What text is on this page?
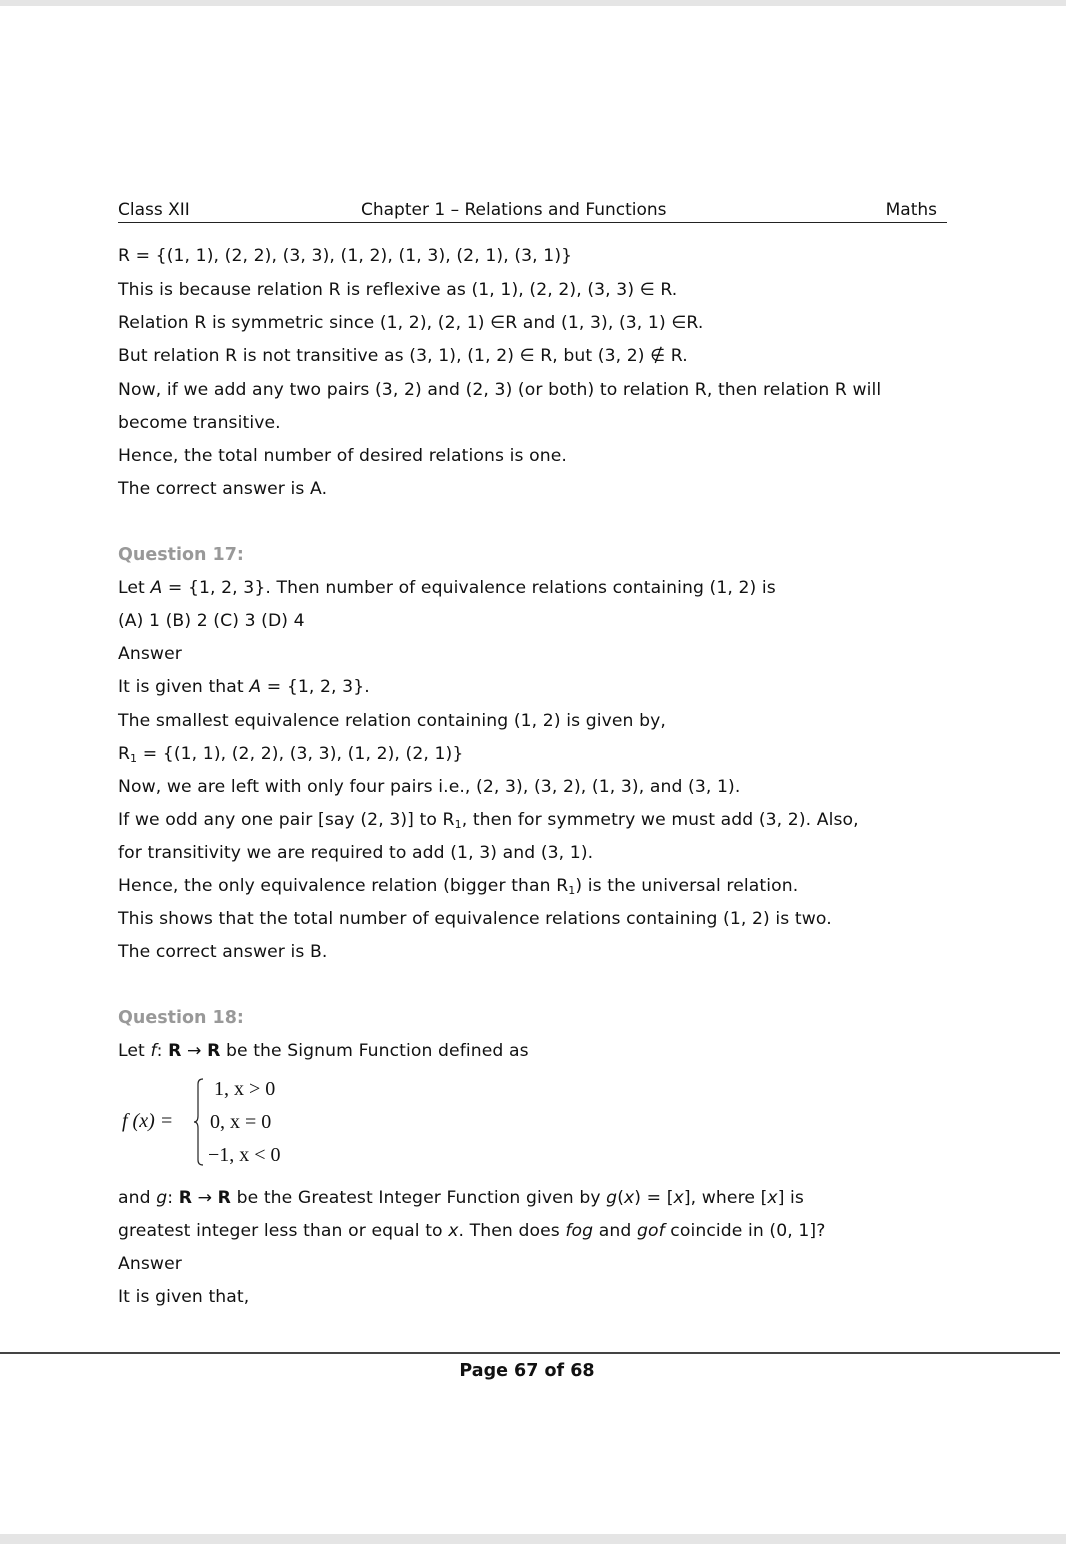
Class XII	Chapter 1 – Relations and Functions	Maths
R = {(1, 1), (2, 2), (3, 3), (1, 2), (1, 3), (2, 1), (3, 1)}
This is because relation R is reflexive as (1, 1), (2, 2), (3, 3) ∈ R.
Relation R is symmetric since (1, 2), (2, 1) ∈R and (1, 3), (3, 1) ∈R.
But relation R is not transitive as (3, 1), (1, 2) ∈ R, but (3, 2) ∉ R.
Now, if we add any two pairs (3, 2) and (2, 3) (or both) to relation R, then relation R will
become transitive.
Hence, the total number of desired relations is one.
The correct answer is A.
Question 17:
Let A = {1, 2, 3}. Then number of equivalence relations containing (1, 2) is
(A) 1 (B) 2 (C) 3 (D) 4
Answer
It is given that A = {1, 2, 3}.
The smallest equivalence relation containing (1, 2) is given by,
$R_1 = \{(1$, 1), (2, 2), (3, 3), (1, 2), (2, 1)}
Now, we are left with only four pairs i.e., (2, 3), (3, 2), (1, 3), and (3, 1).
If we odd any one pair [say (2, 3)] to $R_1$, then for symmetry we must add (3, 2). Also,
for transitivity we are required to add (1, 3) and (3, 1).
Hence, the only equivalence relation (bigger than $R_1$) is the universal relation.
This shows that the total number of equivalence relations containing (1, 2) is two.
The correct answer is B.
Question 18:
Let f: R → R be the Signum Function defined as
f (x) =
1, x > 0
0, x = 0
−1, x < 0
and g: R → R be the Greatest Integer Function given by g(x) = [x], where [x] is
greatest integer less than or equal to x. Then does fog and gof coincide in (0, 1]?
Answer
It is given that,
Page 67 of 68
